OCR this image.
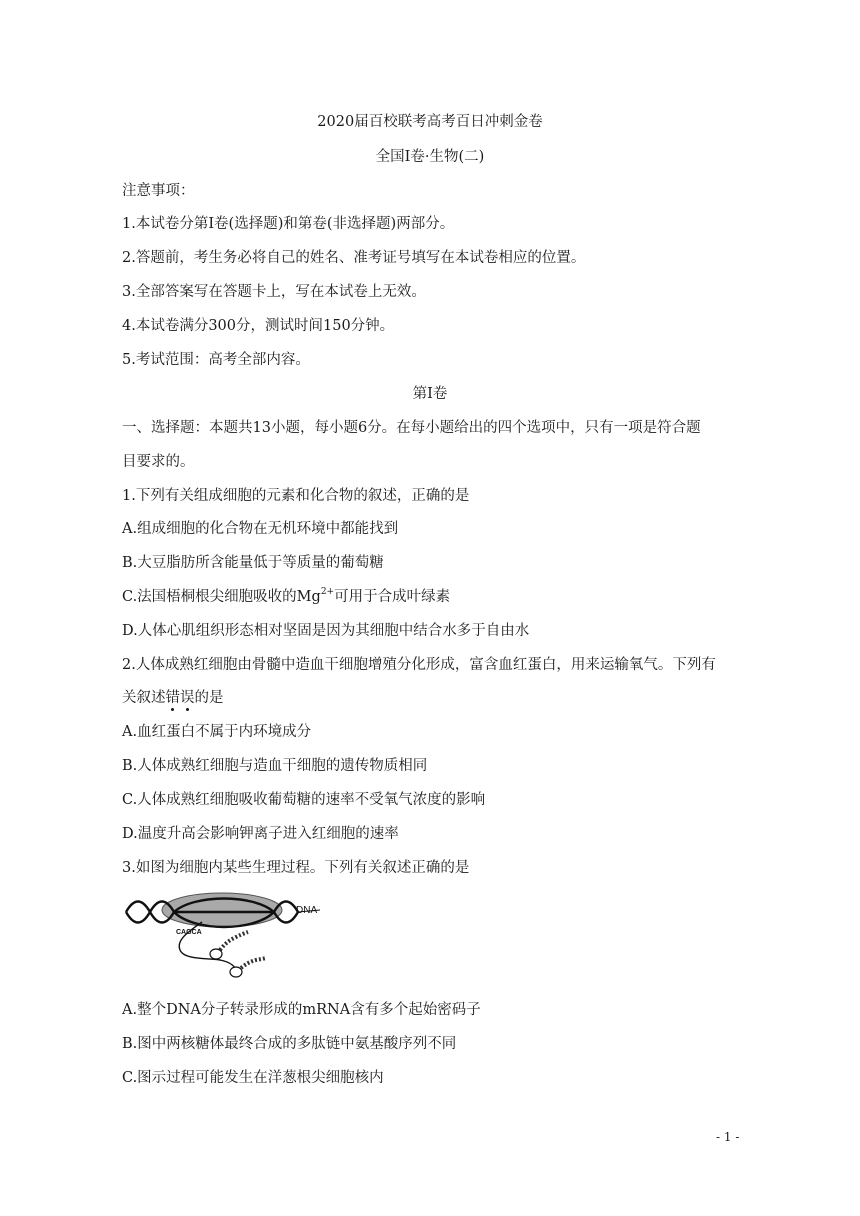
2020届百校联考高考百日冲刺金卷
全国I卷·生物(二)
注意事项：
1.本试卷分第I卷(选择题)和第卷(非选择题)两部分。
2.答题前，考生务必将自己的姓名、准考证号填写在本试卷相应的位置。
3.全部答案写在答题卡上，写在本试卷上无效。
4.本试卷满分300分，测试时间150分钟。
5.考试范围：高考全部内容。
第I卷
一、选择题：本题共13小题，每小题6分。在每小题给出的四个选项中，只有一项是符合题
目要求的。
1.下列有关组成细胞的元素和化合物的叙述，正确的是
A.组成细胞的化合物在无机环境中都能找到
B.大豆脂肪所含能量低于等质量的葡萄糖
C.法国梧桐根尖细胞吸收的$Mg^{2+}$可用于合成叶绿素
D.人体心肌组织形态相对坚固是因为其细胞中结合水多于自由水
2.人体成熟红细胞由骨髓中造血干细胞增殖分化形成，富含血红蛋白，用来运输氧气。下列有
关叙述错误的是
A.血红蛋白不属于内环境成分
B.人体成熟红细胞与造血干细胞的遗传物质相同
C.人体成熟红细胞吸收葡萄糖的速率不受氧气浓度的影响
D.温度升高会影响钾离子进入红细胞的速率
3.如图为细胞内某些生理过程。下列有关叙述正确的是
DNA
CAGCA
A.整个DNA分子转录形成的mRNA含有多个起始密码子
B.图中两核糖体最终合成的多肽链中氨基酸序列不同
C.图示过程可能发生在洋葱根尖细胞核内
- 1 -
